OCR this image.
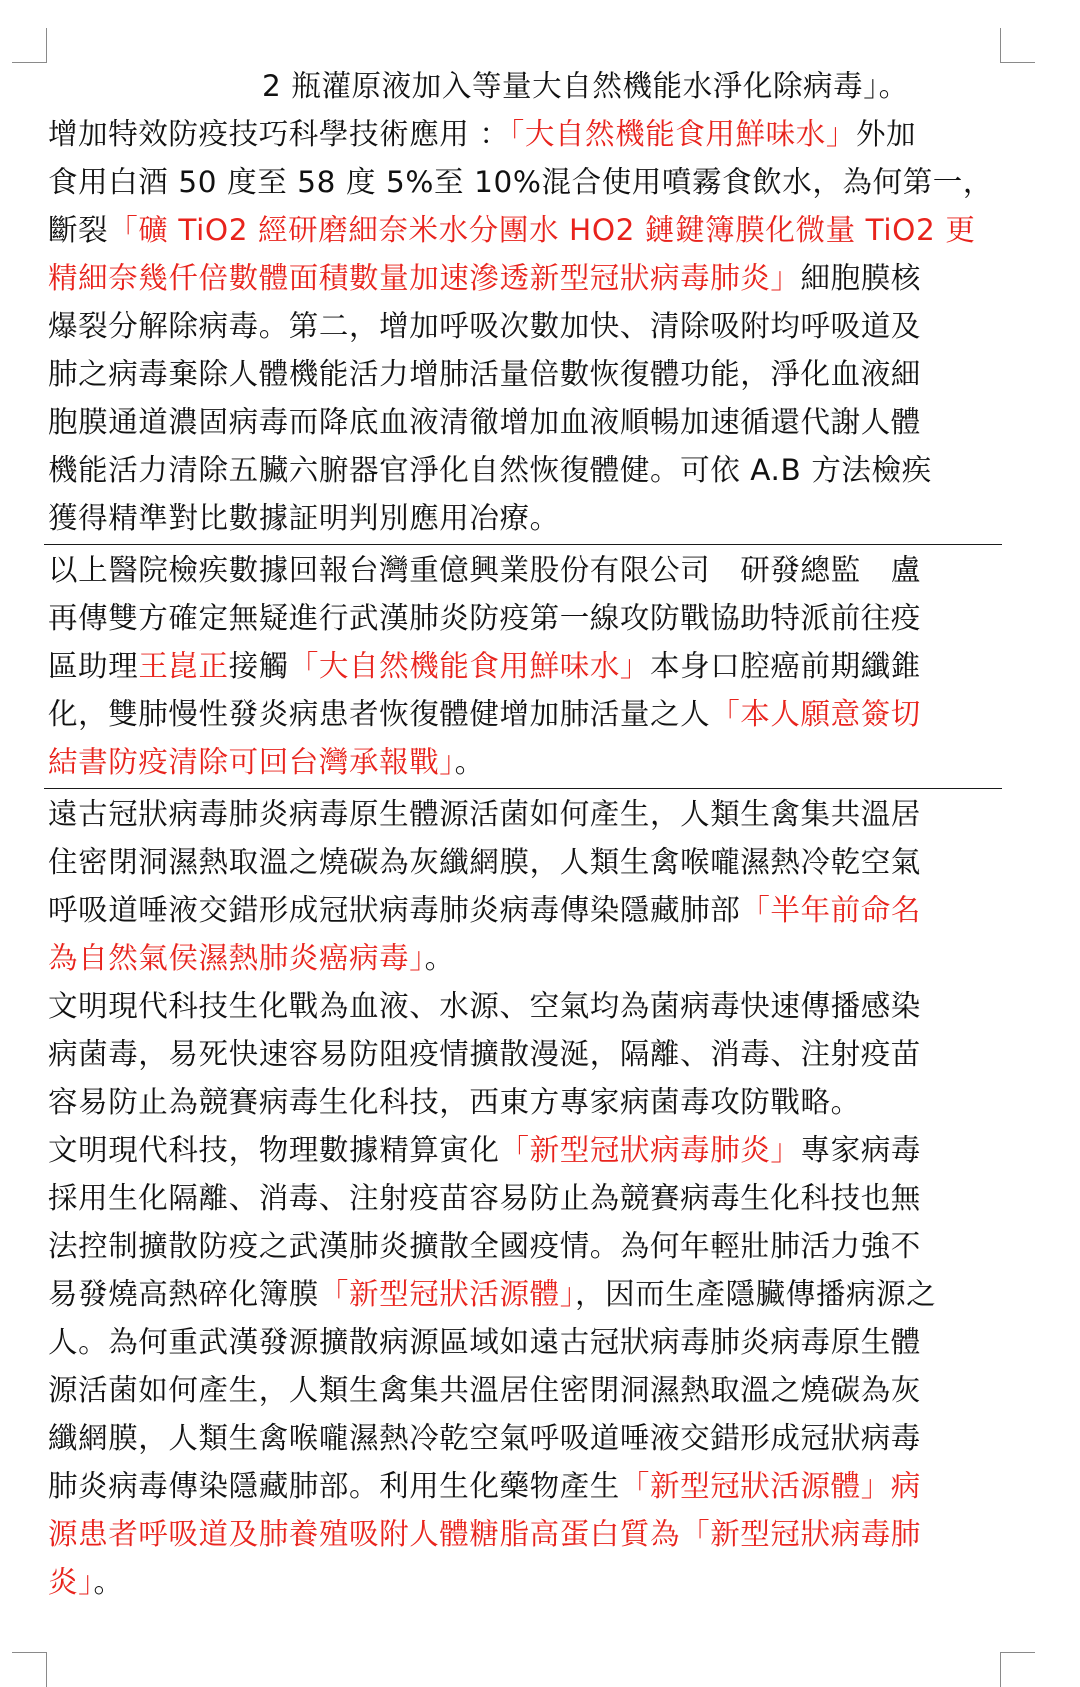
2 瓶灌原液加入等量大自然機能水淨化除病毒」。
增加特效防疫技巧科學技術應用 ：「大自然機能食用鮮味水」外加
食用白酒 50 度至 58 度 5%至 10%混合使用噴霧食飲水，為何第一，
斷裂「礦 TiO2 經研磨細奈米水分團水 HO2 鏈鍵簿膜化微量 TiO2 更
精細奈幾仟倍數體面積數量加速滲透新型冠狀病毒肺炎」細胞膜核
爆裂分解除病毒。第二，增加呼吸次數加快、清除吸附均呼吸道及
肺之病毒棄除人體機能活力增肺活量倍數恢復體功能，淨化血液細
胞膜通道濃固病毒而降底血液清徹增加血液順暢加速循還代謝人體
機能活力清除五臟六腑器官淨化自然恢復體健。可依 A.B 方法檢疾
獲得精準對比數據証明判別應用冶療。
以上醫院檢疾數據回報台灣重億興業股份有限公司　研發總監　盧
再傳雙方確定無疑進行武漢肺炎防疫第一線攻防戰協助特派前往疫
區助理王崑正接觸「大自然機能食用鮮味水」本身口腔癌前期纖錐
化，雙肺慢性發炎病患者恢復體健增加肺活量之人「本人願意簽切
結書防疫清除可回台灣承報戰」。
遠古冠狀病毒肺炎病毒原生體源活菌如何產生，人類生禽集共溫居
住密閉洞濕熱取溫之燒碳為灰纖網膜，人類生禽喉嚨濕熱冷乾空氣
呼吸道唾液交錯形成冠狀病毒肺炎病毒傳染隱藏肺部「半年前命名
為自然氣侯濕熱肺炎癌病毒」。
文明現代科技生化戰為血液、水源、空氣均為菌病毒快速傳播感染
病菌毒，易死快速容易防阻疫情擴散漫涎，隔離、消毒、注射疫苗
容易防止為競賽病毒生化科技，西東方專家病菌毒攻防戰略。
文明現代科技，物理數據精算寅化「新型冠狀病毒肺炎」專家病毒
採用生化隔離、消毒、注射疫苗容易防止為競賽病毒生化科技也無
法控制擴散防疫之武漢肺炎擴散全國疫情。為何年輕壯肺活力強不
易發燒高熱碎化簿膜「新型冠狀活源體」，因而生產隱臟傳播病源之
人。為何重武漢發源擴散病源區域如遠古冠狀病毒肺炎病毒原生體
源活菌如何產生，人類生禽集共溫居住密閉洞濕熱取溫之燒碳為灰
纖網膜，人類生禽喉嚨濕熱冷乾空氣呼吸道唾液交錯形成冠狀病毒
肺炎病毒傳染隱藏肺部。利用生化藥物產生「新型冠狀活源體」病
源患者呼吸道及肺養殖吸附人體糖脂高蛋白質為「新型冠狀病毒肺
炎」。
